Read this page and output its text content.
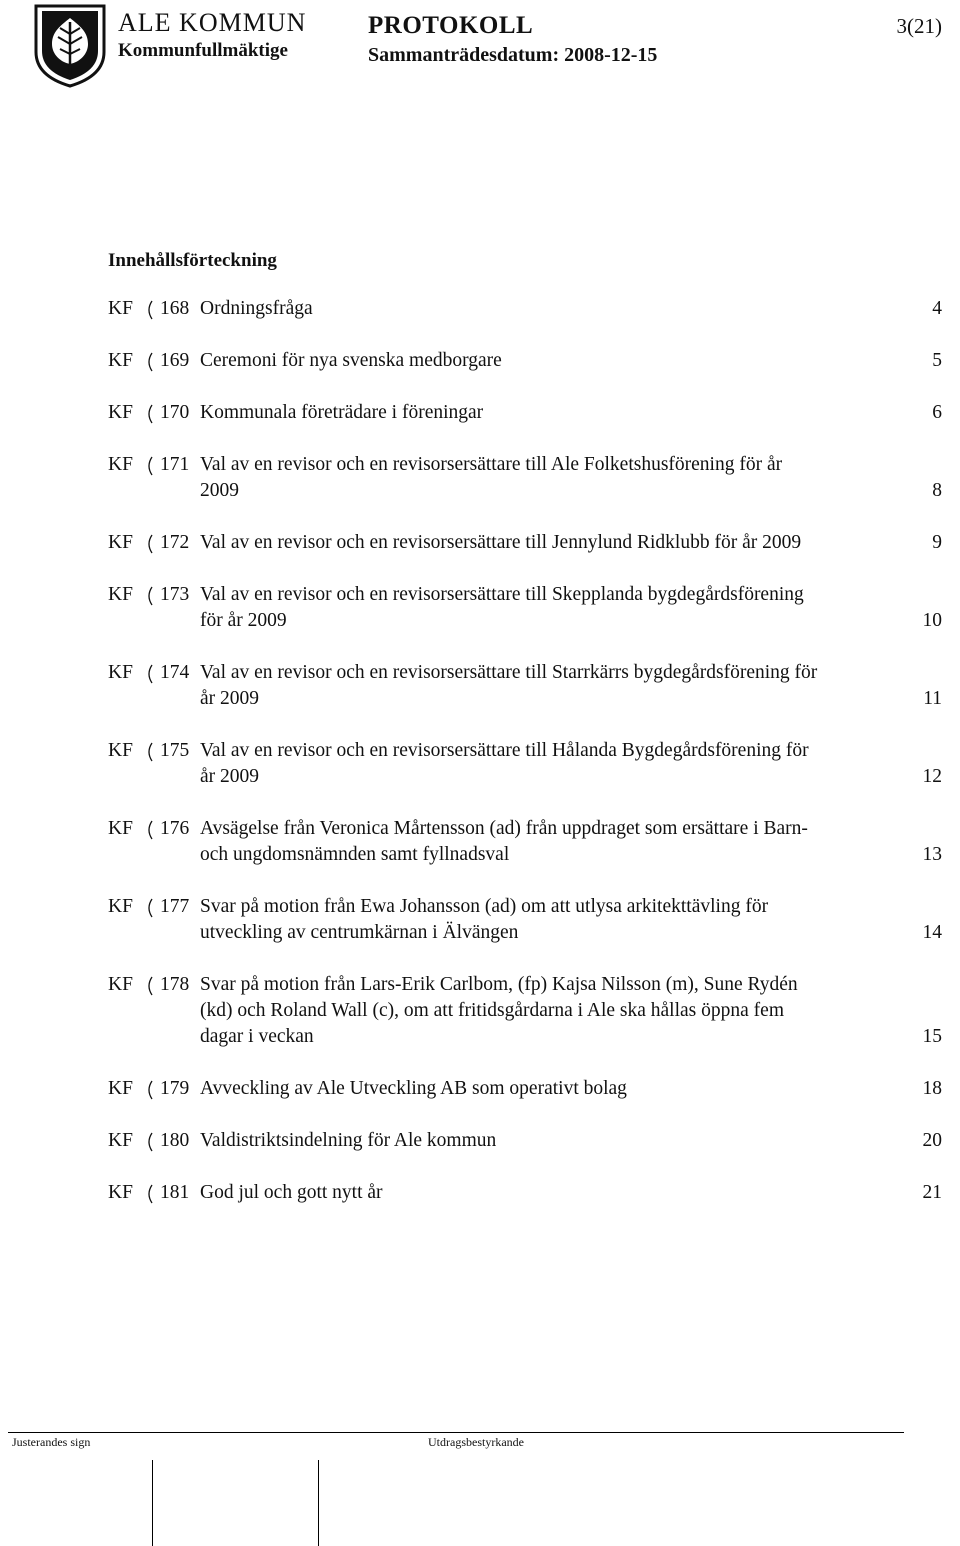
ALE KOMMUN
Kommunfullmäktige
PROTOKOLL
Sammanträdesdatum: 2008-12-15
3(21)
Innehållsförteckning
KF	168 Ordningsfråga	4
KF	169 Ceremoni för nya svenska medborgare	5
KF	170 Kommunala företrädare i föreningar	6
KF	171 Val av en revisor och en revisorsersättare till Ale Folketshusförening för år
2009	8
KF	172 Val av en revisor och en revisorsersättare till Jennylund Ridklubb för år 2009	9
KF	173 Val av en revisor och en revisorsersättare till Skepplanda bygdegårdsförening
för år 2009	10
KF	174 Val av en revisor och en revisorsersättare till Starrkärrs bygdegårdsförening för
år 2009	11
KF	175 Val av en revisor och en revisorsersättare till Hålanda Bygdegårdsförening för
år 2009	12
KF	176 Avsägelse från Veronica Mårtensson (ad) från uppdraget som ersättare i Barn-
och ungdomsnämnden samt fyllnadsval	13
KF	177 Svar på motion från Ewa Johansson (ad) om att utlysa arkitekttävling för
utveckling av centrumkärnan i Älvängen	14
KF	178 Svar på motion från Lars-Erik Carlbom, (fp) Kajsa Nilsson (m), Sune Rydén
(kd) och Roland Wall (c), om att fritidsgårdarna i Ale ska hållas öppna fem
dagar i veckan	15
KF	179 Avveckling av Ale Utveckling AB som operativt bolag	18
KF	180 Valdistriktsindelning för Ale kommun	20
KF	181 God jul och gott nytt år	21
Justerandes sign	Utdragsbestyrkande
